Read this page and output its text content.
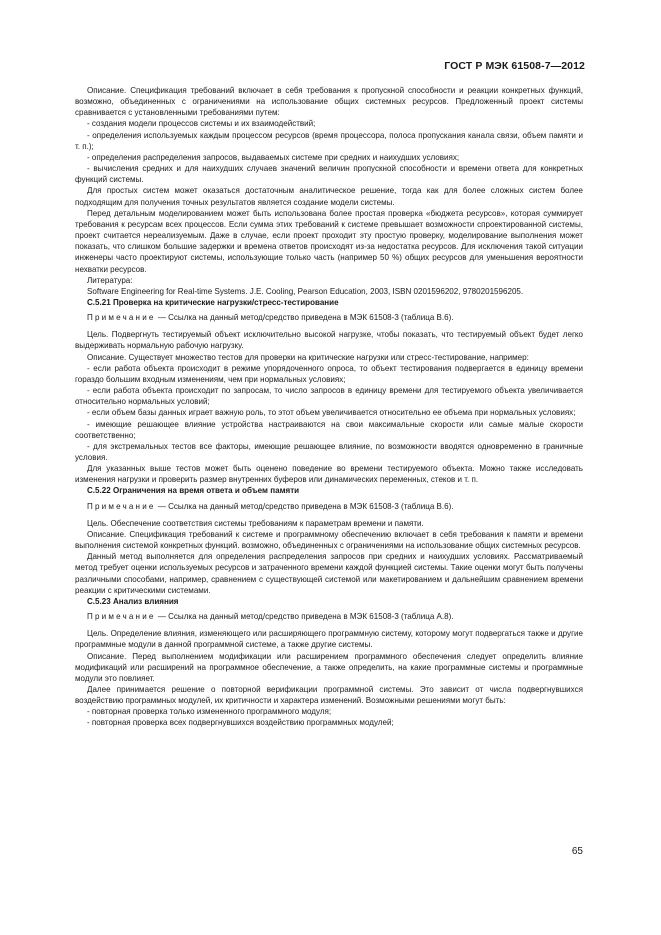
ГОСТ Р МЭК 61508-7—2012

Описание. Спецификация требований включает в себя требования к пропускной способности и реакции конкретных функций, возможно, объединенных с ограничениями на использование общих системных ресурсов. Предложенный проект системы сравнивается с установленными требованиями путем:

- создания модели процессов системы и их взаимодействий;

- определения используемых каждым процессом ресурсов (время процессора, полоса пропускания канала связи, объем памяти и т. п.);

- определения распределения запросов, выдаваемых системе при средних и наихудших условиях;

- вычисления средних и для наихудших случаев значений величин пропускной способности и времени ответа для конкретных функций системы.

Для простых систем может оказаться достаточным аналитическое решение, тогда как для более сложных систем более подходящим для получения точных результатов является создание модели системы.

Перед детальным моделированием может быть использована более простая проверка «бюджета ресурсов», которая суммирует требования к ресурсам всех процессов. Если сумма этих требований к системе превышает возможности спроектированной системы, проект считается нереализуемым. Даже в случае, если проект проходит эту простую проверку, моделирование выполнения может показать, что слишком большие задержки и времена ответов происходят из-за недостатка ресурсов. Для исключения такой ситуации инженеры часто проектируют системы, использующие только часть (например 50 %) общих ресурсов для уменьшения вероятности нехватки ресурсов.

Литература:

Software Engineering for Real-time Systems. J.E. Cooling, Pearson Education, 2003, ISBN 0201596202, 9780201596205.

С.5.21 Проверка на критические нагрузки/стресс-тестирование

Примечание — Ссылка на данный метод/средство приведена в МЭК 61508-3 (таблица В.6).

Цель. Подвергнуть тестируемый объект исключительно высокой нагрузке, чтобы показать, что тестируемый объект будет легко выдерживать нормальную рабочую нагрузку.

Описание. Существует множество тестов для проверки на критические нагрузки или стресс-тестирование, например:

- если работа объекта происходит в режиме упорядоченного опроса, то объект тестирования подвергается в единицу времени гораздо большим входным изменениям, чем при нормальных условиях;

- если работа объекта происходит по запросам, то число запросов в единицу времени для тестируемого объекта увеличивается относительно нормальных условий;

- если объем базы данных играет важную роль, то этот объем увеличивается относительно ее объема при нормальных условиях;

- имеющие решающее влияние устройства настраиваются на свои максимальные скорости или самые малые скорости соответственно;

- для экстремальных тестов все факторы, имеющие решающее влияние, по возможности вводятся одновременно в граничные условия.

Для указанных выше тестов может быть оценено поведение во времени тестируемого объекта. Можно также исследовать изменения нагрузки и проверить размер внутренних буферов или динамических переменных, стеков и т. п.

С.5.22 Ограничения на время ответа и объем памяти

Примечание — Ссылка на данный метод/средство приведена в МЭК 61508-3 (таблица В.6).

Цель. Обеспечение соответствия системы требованиям к параметрам времени и памяти.

Описание. Спецификация требований к системе и программному обеспечению включает в себя требования к памяти и времени выполнения системой конкретных функций. возможно, объединенных с ограничениями на использование общих системных ресурсов.

Данный метод выполняется для определения распределения запросов при средних и наихудших условиях. Рассматриваемый метод требует оценки используемых ресурсов и затраченного времени каждой функцией системы. Такие оценки могут быть получены различными способами, например, сравнением с существующей системой или макетированием и дальнейшим сравнением времени реакции с критическими системами.

С.5.23 Анализ влияния

Примечание — Ссылка на данный метод/средство приведена в МЭК 61508-3 (таблица А.8).

Цель. Определение влияния, изменяющего или расширяющего программную систему, которому могут подвергаться также и другие программные модули в данной программной системе, а также другие системы.

Описание. Перед выполнением модификации или расширением программного обеспечения следует определить влияние модификаций или расширений на программное обеспечение, а также определить, на какие программные системы и программные модули это повлияет.

Далее принимается решение о повторной верификации программной системы. Это зависит от числа подвергнувшихся воздействию программных модулей, их критичности и характера изменений. Возможными решениями могут быть:

- повторная проверка только измененного программного модуля;

- повторная проверка всех подвергнувшихся воздействию программных модулей;

65
